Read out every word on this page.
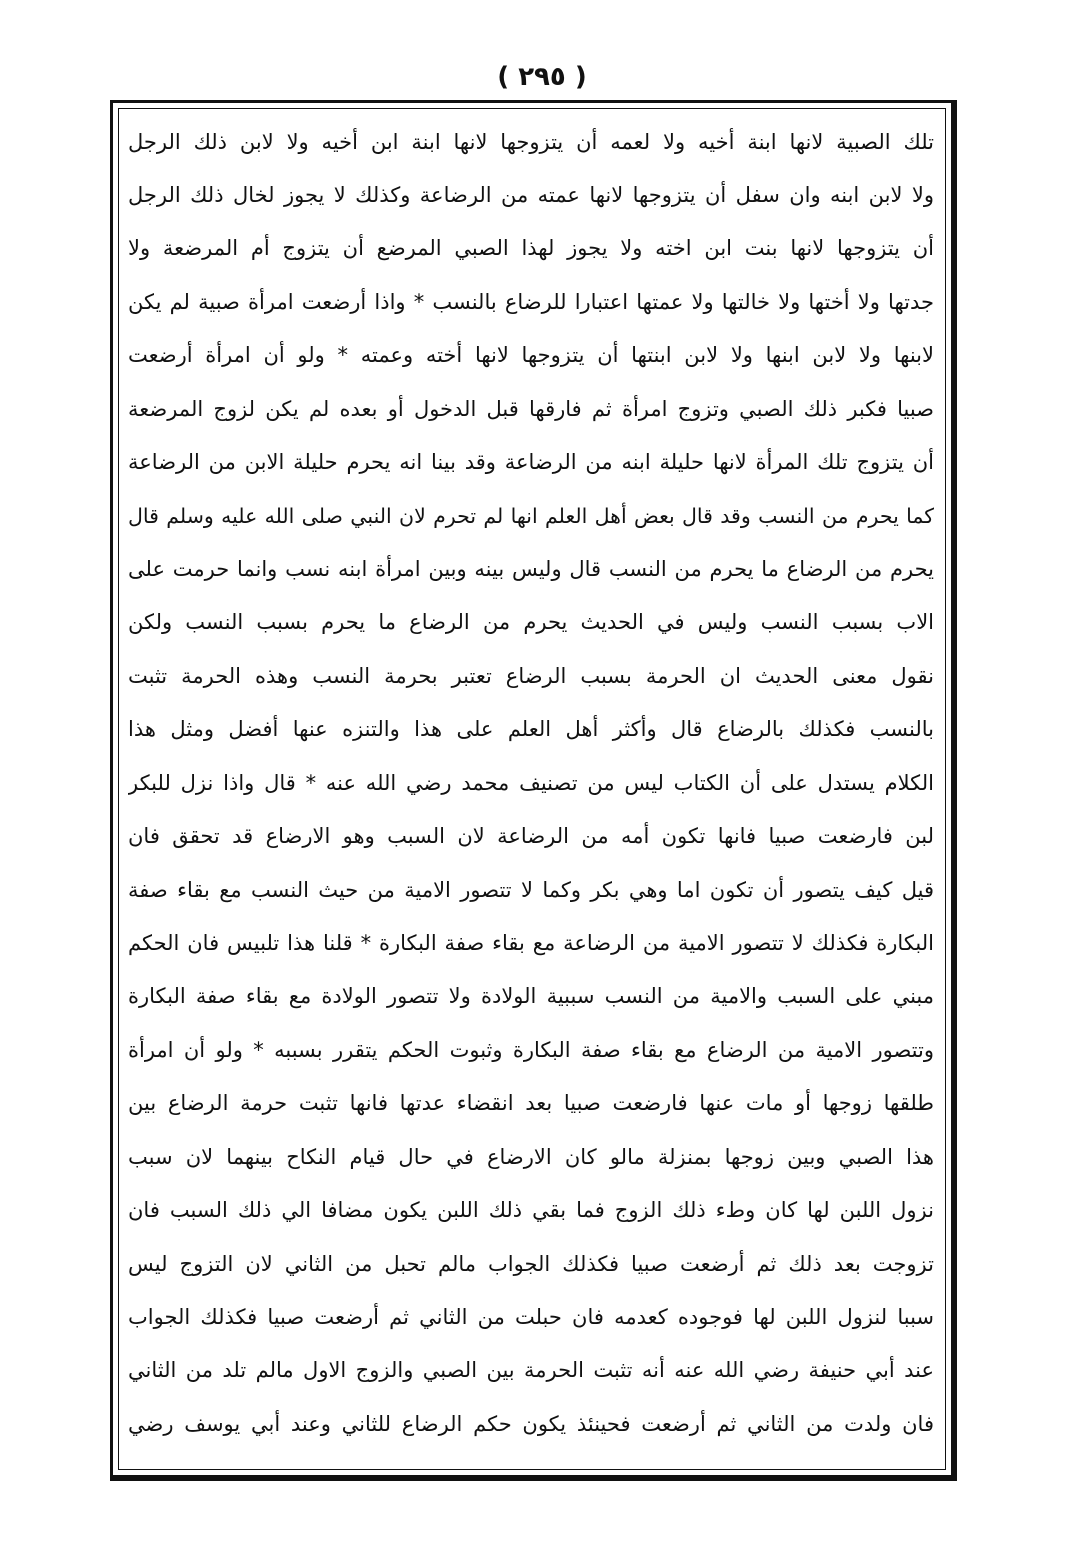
( ٢٩٥ )
تلك الصبية لانها ابنة أخيه ولا لعمه أن يتزوجها لانها ابنة ابن أخيه ولا لابن ذلك الرجل
ولا لابن ابنه وان سفل أن يتزوجها لانها عمته من الرضاعة وكذلك لا يجوز لخال ذلك الرجل
أن يتزوجها لانها بنت ابن اخته ولا يجوز لهذا الصبي المرضع أن يتزوج أم المرضعة ولا
جدتها ولا أختها ولا خالتها ولا عمتها اعتبارا للرضاع بالنسب * واذا أرضعت امرأة صبية لم يكن
لابنها ولا لابن ابنها ولا لابن ابنتها أن يتزوجها لانها أخته وعمته * ولو أن امرأة أرضعت
صبيا فكبر ذلك الصبي وتزوج امرأة ثم فارقها قبل الدخول أو بعده لم يكن لزوج المرضعة
أن يتزوج تلك المرأة لانها حليلة ابنه من الرضاعة وقد بينا انه يحرم حليلة الابن من الرضاعة
كما يحرم من النسب وقد قال بعض أهل العلم انها لم تحرم لان النبي صلى الله عليه وسلم قال
يحرم من الرضاع ما يحرم من النسب قال وليس بينه وبين امرأة ابنه نسب وانما حرمت على
الاب بسبب النسب وليس في الحديث يحرم من الرضاع ما يحرم بسبب النسب ولكن
نقول معنى الحديث ان الحرمة بسبب الرضاع تعتبر بحرمة النسب وهذه الحرمة تثبت
بالنسب فكذلك بالرضاع قال وأكثر أهل العلم على هذا والتنزه عنها أفضل ومثل هذا
الكلام يستدل على أن الكتاب ليس من تصنيف محمد رضي الله عنه * قال واذا نزل للبكر
لبن فارضعت صبيا فانها تكون أمه من الرضاعة لان السبب وهو الارضاع قد تحقق فان
قيل كيف يتصور أن تكون اما وهي بكر وكما لا تتصور الامية من حيث النسب مع بقاء صفة
البكارة فكذلك لا تتصور الامية من الرضاعة مع بقاء صفة البكارة * قلنا هذا تلبيس فان الحكم
مبني على السبب والامية من النسب سببية الولادة ولا تتصور الولادة مع بقاء صفة البكارة
وتتصور الامية من الرضاع مع بقاء صفة البكارة وثبوت الحكم يتقرر بسببه * ولو أن امرأة
طلقها زوجها أو مات عنها فارضعت صبيا بعد انقضاء عدتها فانها تثبت حرمة الرضاع بين
هذا الصبي وبين زوجها بمنزلة مالو كان الارضاع في حال قيام النكاح بينهما لان سبب
نزول اللبن لها كان وطء ذلك الزوج فما بقي ذلك اللبن يكون مضافا الي ذلك السبب فان
تزوجت بعد ذلك ثم أرضعت صبيا فكذلك الجواب مالم تحبل من الثاني لان التزوج ليس
سببا لنزول اللبن لها فوجوده كعدمه فان حبلت من الثاني ثم أرضعت صبيا فكذلك الجواب
عند أبي حنيفة رضي الله عنه أنه تثبت الحرمة بين الصبي والزوج الاول مالم تلد من الثاني
فان ولدت من الثاني ثم أرضعت فحينئذ يكون حكم الرضاع للثاني وعند أبي يوسف رضي
